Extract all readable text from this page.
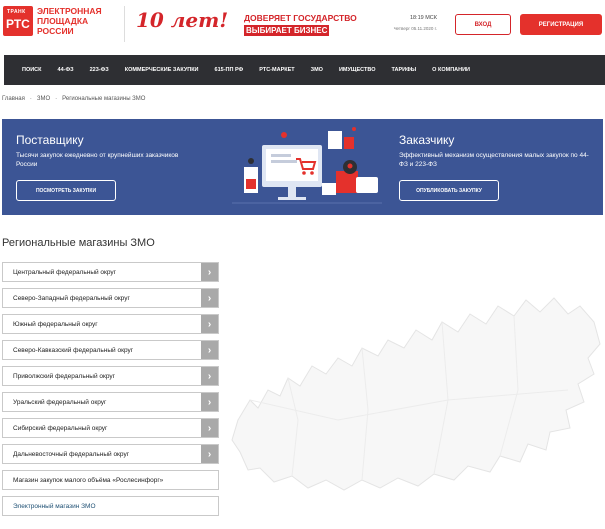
ТРАНК
РТС
ЭЛЕКТРОННАЯ
ПЛОЩАДКА
РОССИИ	10 лет! ДОВЕРЯЕТ ГОСУДАРСТВО
ВЫБИРАЕТ БИЗНЕС
18:19 МСК
Четверг 05.11.2020 г.
ВХОД	РЕГИСТРАЦИЯ
ПОИСК	44-ФЗ	223-ФЗ	КОММЕРЧЕСКИЕ ЗАКУПКИ	615-ПП РФ	РТС-МАРКЕТ	ЗМО	ИМУЩЕСТВО	ТАРИФЫ	О КОМПАНИИ
Главная · ЗМО · Региональные магазины ЗМО
Поставщику
Тысячи закупок ежедневно от крупнейших заказчиков России
ПОСМОТРЕТЬ ЗАКУПКИ
Заказчику
Эффективный механизм осуществления малых закупок по 44-ФЗ и 223-ФЗ
ОПУБЛИКОВАТЬ ЗАКУПКУ
Региональные магазины ЗМО
Центральный федеральный округ	›
Северо-Западный федеральный округ	›
Южный федеральный округ	›
Северо-Кавказский федеральный округ	›
Приволжский федеральный округ	›
Уральский федеральный округ	›
Сибирский федеральный округ	›
Дальневосточный федеральный округ	›
Магазин закупок малого объёма «Рослесинфорг»
Электронный магазин ЗМО
